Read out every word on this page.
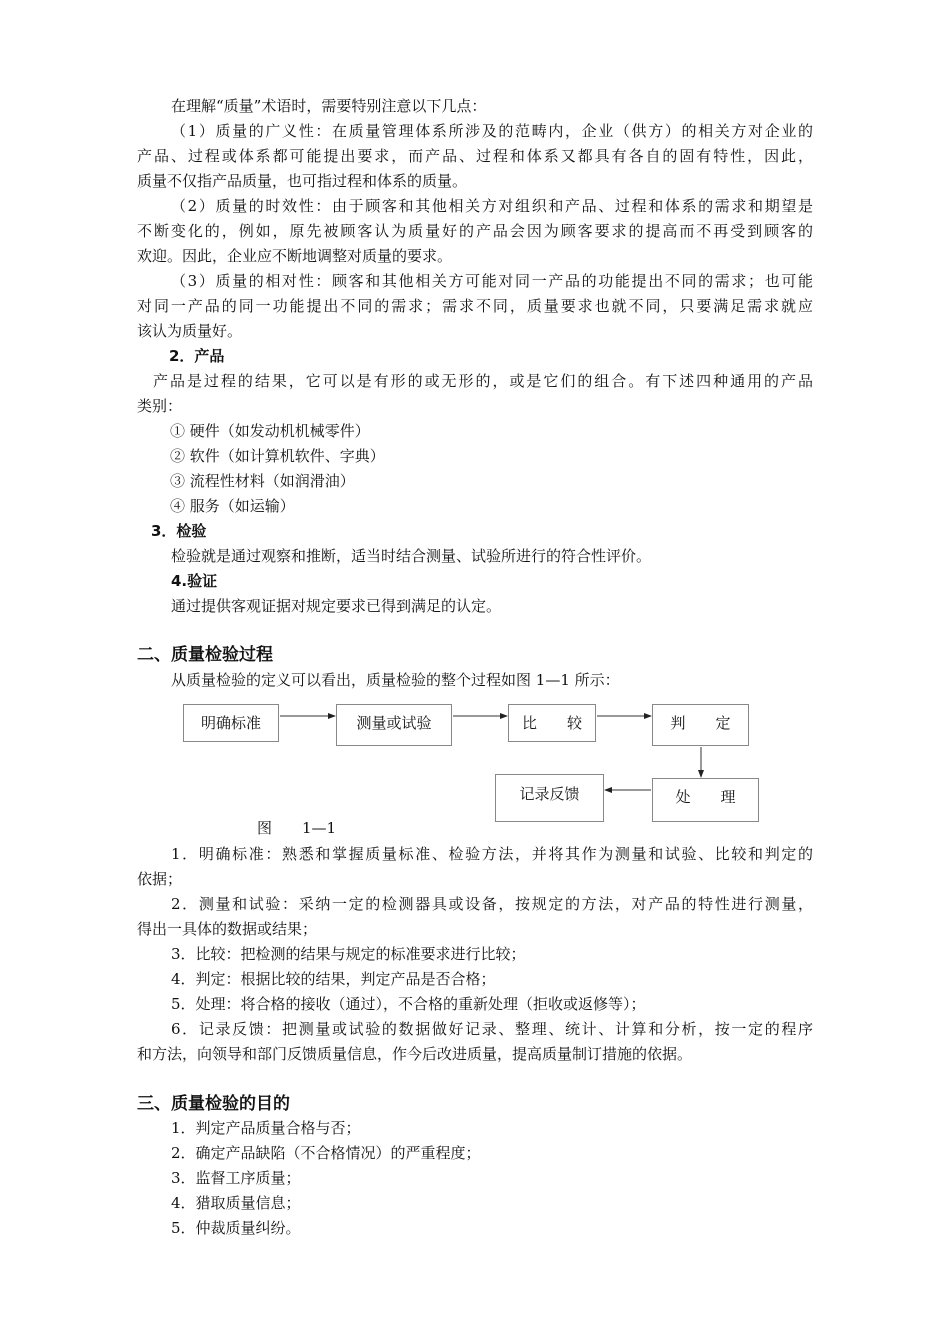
在理解“质量”术语时，需要特别注意以下几点：
（1）质量的广义性：在质量管理体系所涉及的范畴内，企业（供方）的相关方对企业的
产品、过程或体系都可能提出要求，而产品、过程和体系又都具有各自的固有特性，因此，
质量不仅指产品质量，也可指过程和体系的质量。
（2）质量的时效性：由于顾客和其他相关方对组织和产品、过程和体系的需求和期望是
不断变化的，例如，原先被顾客认为质量好的产品会因为顾客要求的提高而不再受到顾客的
欢迎。因此，企业应不断地调整对质量的要求。
（3）质量的相对性：顾客和其他相关方可能对同一产品的功能提出不同的需求；也可能
对同一产品的同一功能提出不同的需求；需求不同，质量要求也就不同，只要满足需求就应
该认为质量好。
2．产品
产品是过程的结果，它可以是有形的或无形的，或是它们的组合。有下述四种通用的产品
类别：
① 硬件（如发动机机械零件）
② 软件（如计算机软件、字典）
③ 流程性材料（如润滑油）
④ 服务（如运输）
3．检验
检验就是通过观察和推断，适当时结合测量、试验所进行的符合性评价。
4.验证
通过提供客观证据对规定要求已得到满足的认定。
二、质量检验过程
从质量检验的定义可以看出，质量检验的整个过程如图 1—1 所示：
明确标准	测量或试验	比　　较	判　　定
处　　理
记录反馈
图　　1—1
1．明确标准：熟悉和掌握质量标准、检验方法，并将其作为测量和试验、比较和判定的
依据；
2．测量和试验：采纳一定的检测器具或设备，按规定的方法，对产品的特性进行测量，
得出一具体的数据或结果；
3．比较：把检测的结果与规定的标准要求进行比较；
4．判定：根据比较的结果，判定产品是否合格；
5．处理：将合格的接收（通过），不合格的重新处理（拒收或返修等）；
6．记录反馈：把测量或试验的数据做好记录、整理、统计、计算和分析，按一定的程序
和方法，向领导和部门反馈质量信息，作今后改进质量，提高质量制订措施的依据。
三、质量检验的目的
1．判定产品质量合格与否；
2．确定产品缺陷（不合格情况）的严重程度；
3．监督工序质量；
4．猎取质量信息；
5．仲裁质量纠纷。
